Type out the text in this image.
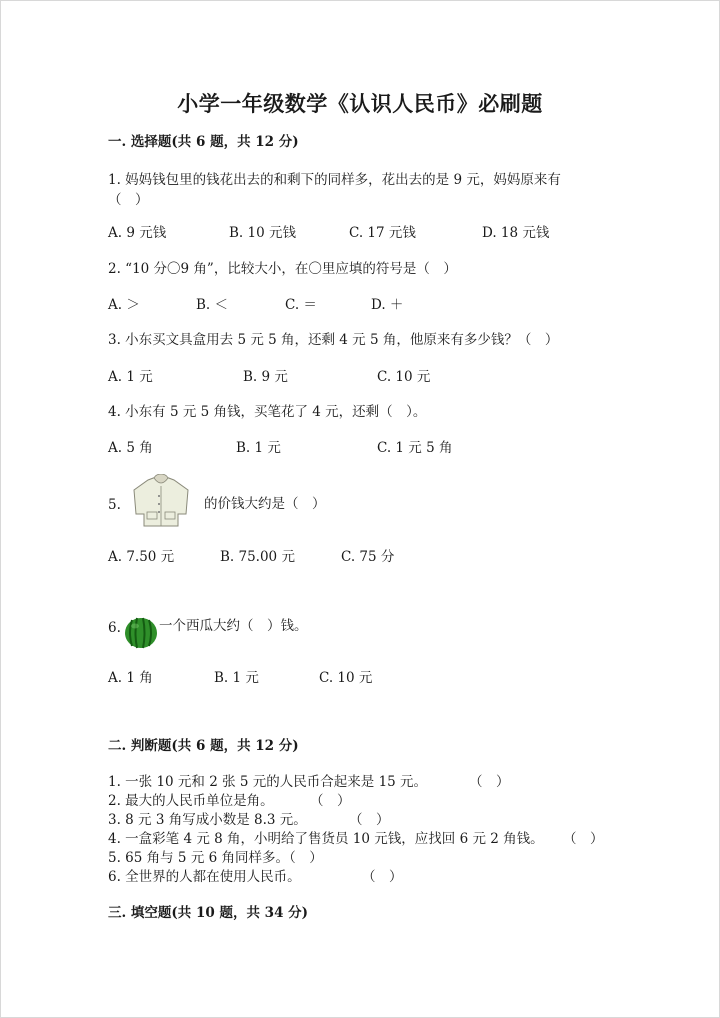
小学一年级数学《认识人民币》必刷题
一. 选择题(共 6 题，共 12 分)
1. 妈妈钱包里的钱花出去的和剩下的同样多，花出去的是 9 元，妈妈原来有
（　）
A. 9 元钱	B. 10 元钱	C. 17 元钱	D. 18 元钱
2. “10 分〇9 角”，比较大小，在〇里应填的符号是（　）
A. ＞	B. ＜	C. ＝	D. ＋
3. 小东买文具盒用去 5 元 5 角，还剩 4 元 5 角，他原来有多少钱？（　）
A. 1 元	B. 9 元	C. 10 元
4. 小东有 5 元 5 角钱，买笔花了 4 元，还剩（　）。
A. 5 角	B. 1 元	C. 1 元 5 角
5.	的价钱大约是（　）
A. 7.50 元	B. 75.00 元	C. 75 分
6.	一个西瓜大约（　）钱。
A. 1 角	B. 1 元	C. 10 元
二. 判断题(共 6 题，共 12 分)
1. 一张 10 元和 2 张 5 元的人民币合起来是 15 元。	（　）
2. 最大的人民币单位是角。	（　）
3. 8 元 3 角写成小数是 8.3 元。	（　）
4. 一盒彩笔 4 元 8 角，小明给了售货员 10 元钱，应找回 6 元 2 角钱。 （　）
5. 65 角与 5 元 6 角同样多。（　）
6. 全世界的人都在使用人民币。	（　）
三. 填空题(共 10 题，共 34 分)
